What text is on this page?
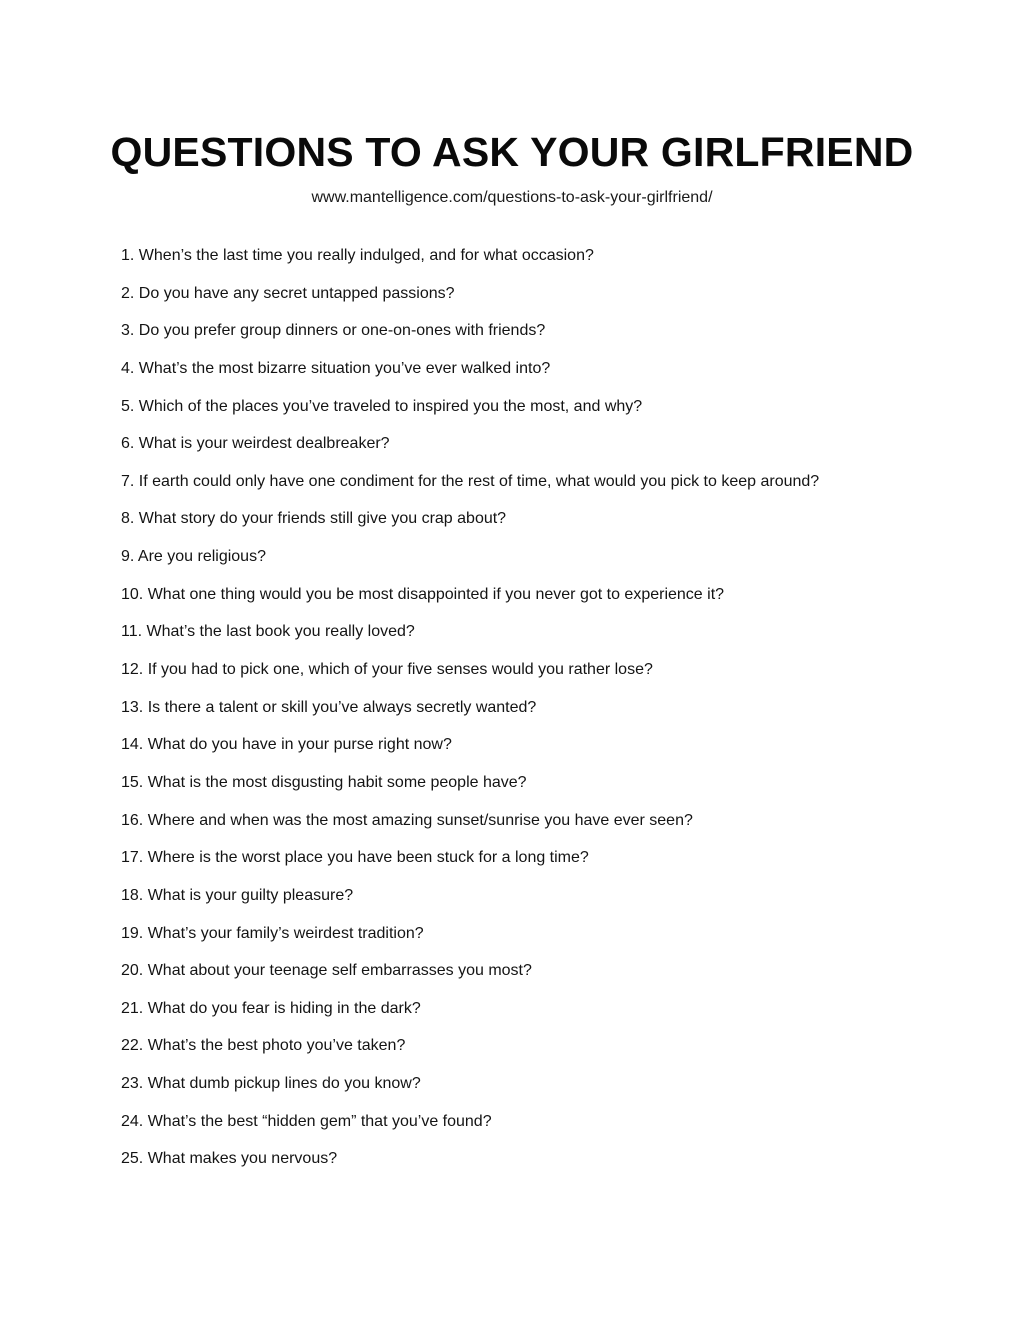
QUESTIONS TO ASK YOUR GIRLFRIEND
www.mantelligence.com/questions-to-ask-your-girlfriend/
1. When’s the last time you really indulged, and for what occasion?
2. Do you have any secret untapped passions?
3. Do you prefer group dinners or one-on-ones with friends?
4. What’s the most bizarre situation you’ve ever walked into?
5. Which of the places you’ve traveled to inspired you the most, and why?
6. What is your weirdest dealbreaker?
7. If earth could only have one condiment for the rest of time, what would you pick to keep around?
8. What story do your friends still give you crap about?
9. Are you religious?
10. What one thing would you be most disappointed if you never got to experience it?
11. What’s the last book you really loved?
12. If you had to pick one, which of your five senses would you rather lose?
13. Is there a talent or skill you’ve always secretly wanted?
14. What do you have in your purse right now?
15. What is the most disgusting habit some people have?
16. Where and when was the most amazing sunset/sunrise you have ever seen?
17. Where is the worst place you have been stuck for a long time?
18. What is your guilty pleasure?
19. What’s your family’s weirdest tradition?
20. What about your teenage self embarrasses you most?
21. What do you fear is hiding in the dark?
22. What’s the best photo you’ve taken?
23. What dumb pickup lines do you know?
24. What’s the best “hidden gem” that you’ve found?
25. What makes you nervous?
